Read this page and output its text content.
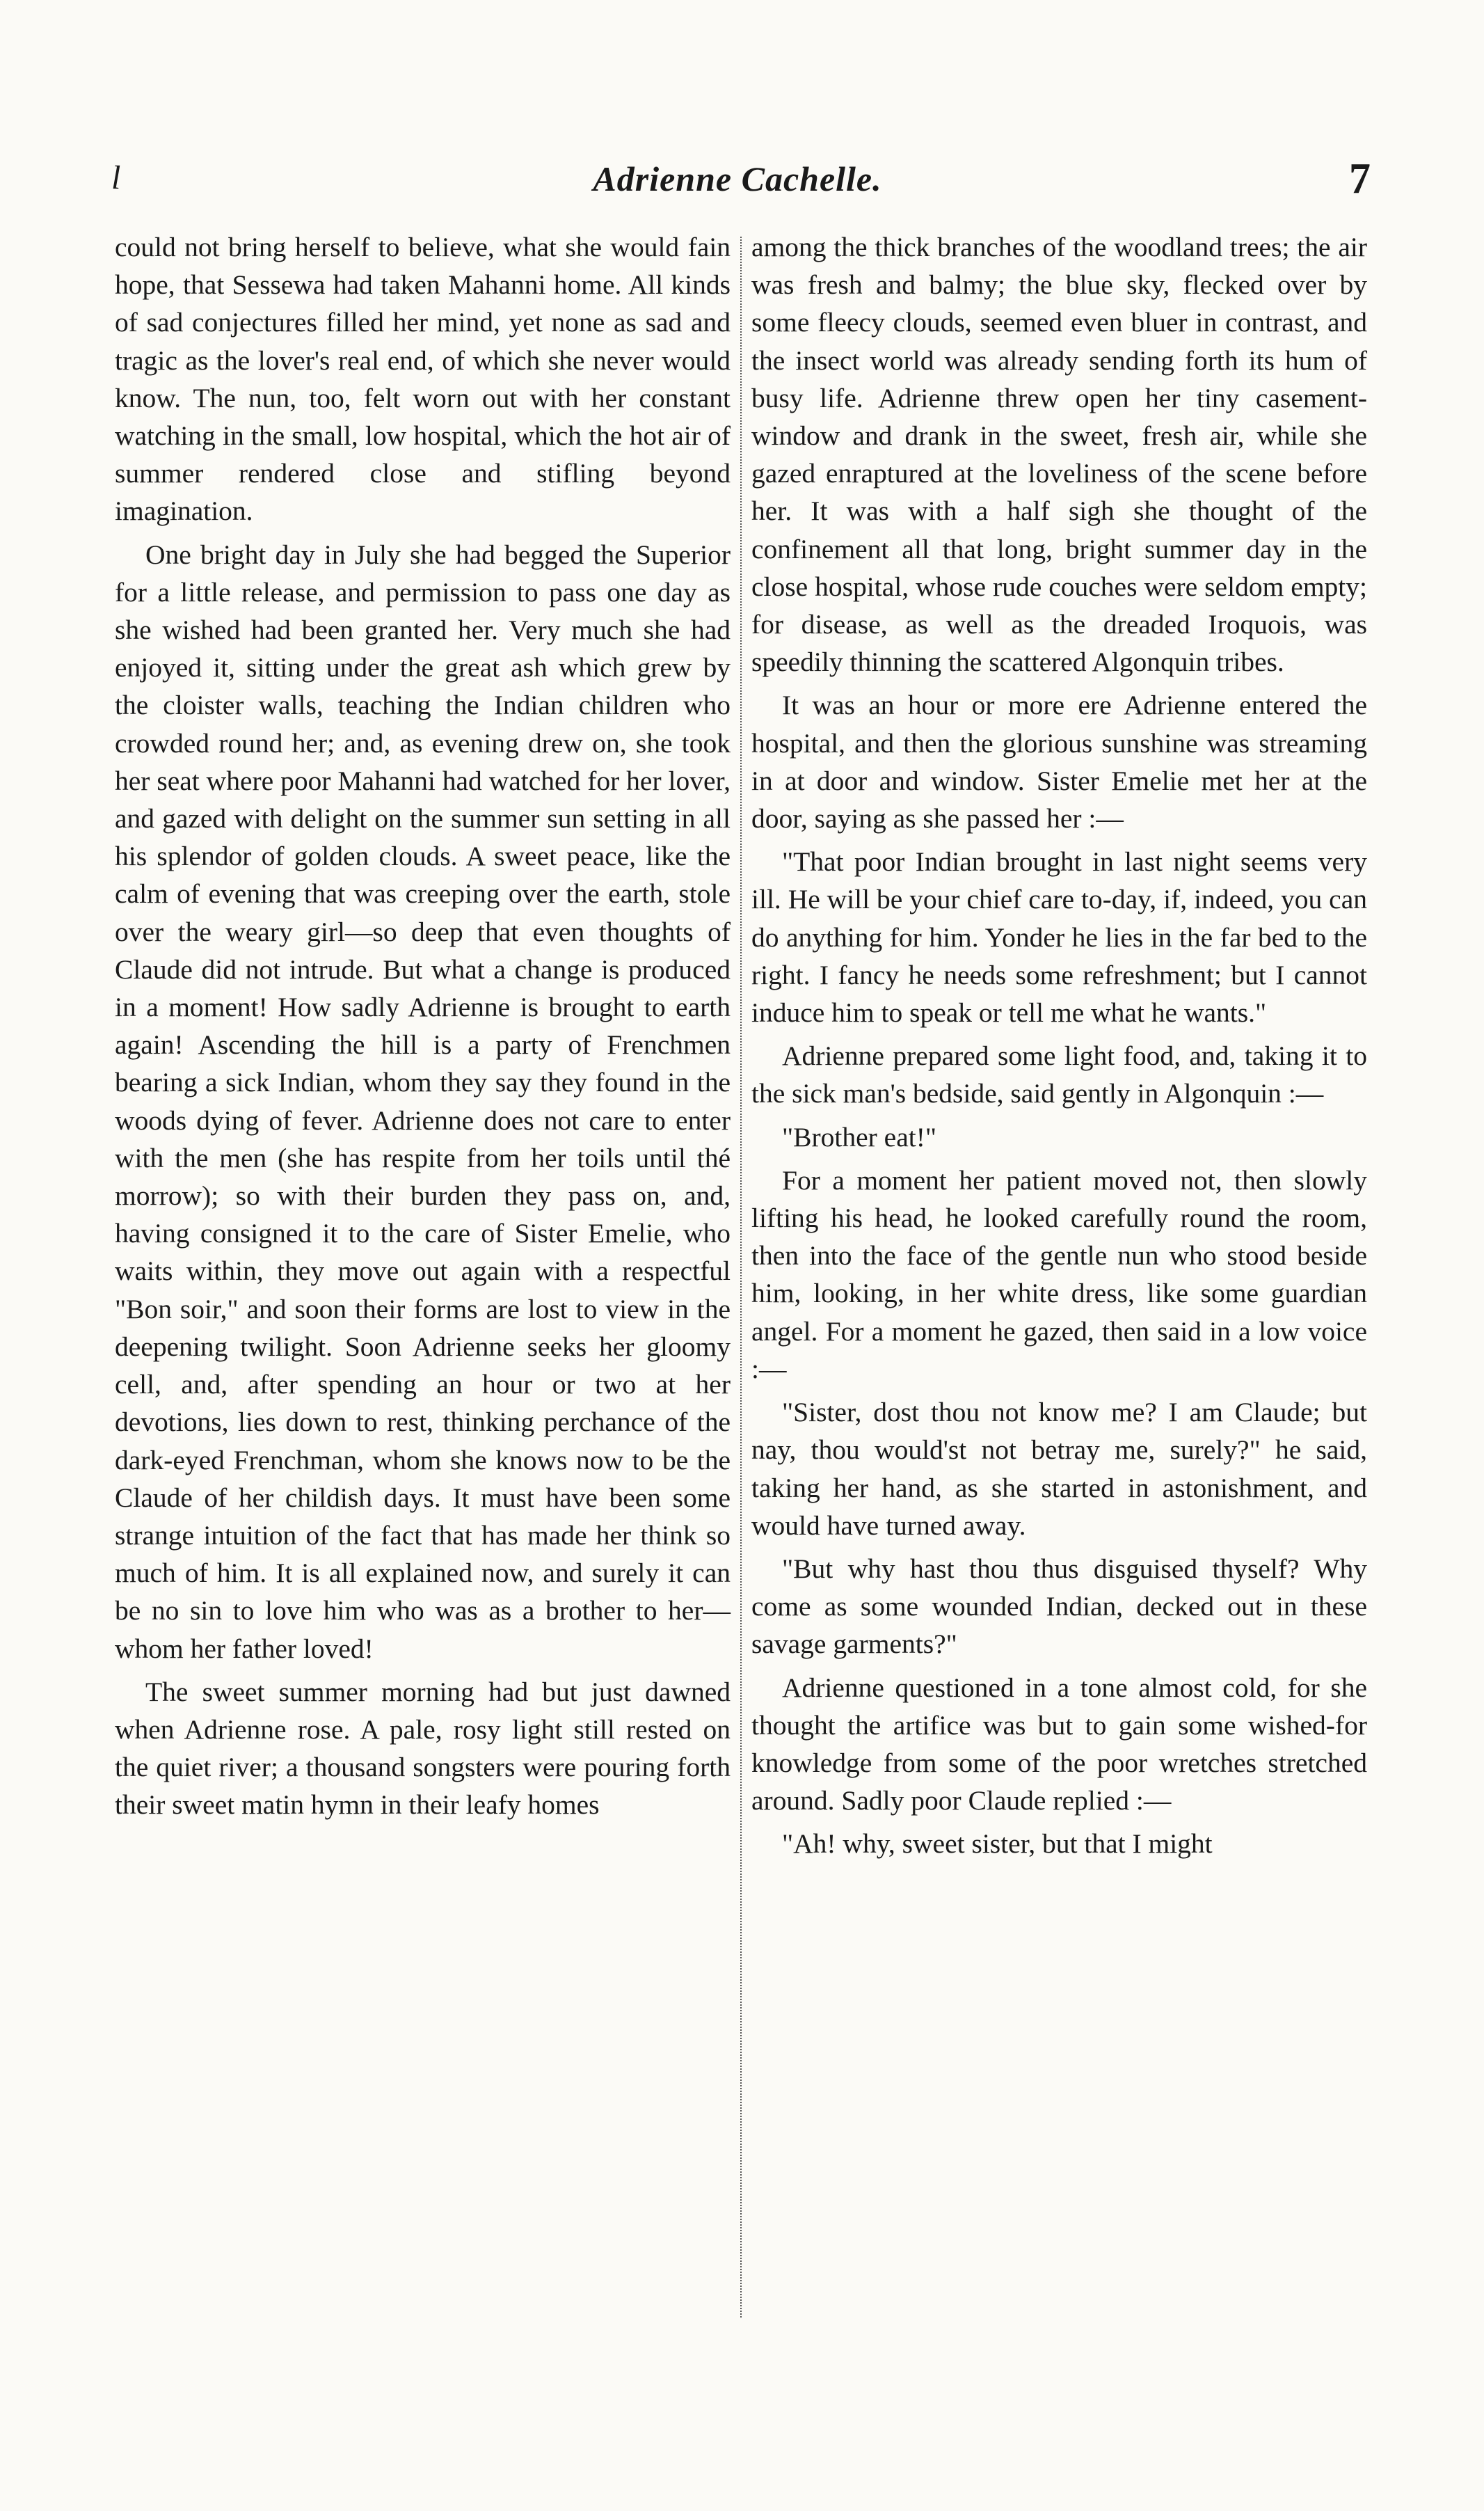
l	Adrienne Cachelle.	7

could not bring herself to believe, what she would fain hope, that Sessewa had taken Mahanni home. All kinds of sad conjectures filled her mind, yet none as sad and tragic as the lover's real end, of which she never would know. The nun, too, felt worn out with her constant watching in the small, low hospital, which the hot air of summer rendered close and stifling beyond imagination.

One bright day in July she had begged the Superior for a little release, and permission to pass one day as she wished had been granted her. Very much she had enjoyed it, sitting under the great ash which grew by the cloister walls, teaching the Indian children who crowded round her; and, as evening drew on, she took her seat where poor Mahanni had watched for her lover, and gazed with delight on the summer sun setting in all his splendor of golden clouds. A sweet peace, like the calm of evening that was creeping over the earth, stole over the weary girl—so deep that even thoughts of Claude did not intrude. But what a change is produced in a moment! How sadly Adrienne is brought to earth again! Ascending the hill is a party of Frenchmen bearing a sick Indian, whom they say they found in the woods dying of fever. Adrienne does not care to enter with the men (she has respite from her toils until thé morrow); so with their burden they pass on, and, having consigned it to the care of Sister Emelie, who waits within, they move out again with a respectful "Bon soir," and soon their forms are lost to view in the deepening twilight. Soon Adrienne seeks her gloomy cell, and, after spending an hour or two at her devotions, lies down to rest, thinking perchance of the dark-eyed Frenchman, whom she knows now to be the Claude of her childish days. It must have been some strange intuition of the fact that has made her think so much of him. It is all explained now, and surely it can be no sin to love him who was as a brother to her—whom her father loved!

The sweet summer morning had but just dawned when Adrienne rose. A pale, rosy light still rested on the quiet river; a thousand songsters were pouring forth their sweet matin hymn in their leafy homes

among the thick branches of the woodland trees; the air was fresh and balmy; the blue sky, flecked over by some fleecy clouds, seemed even bluer in contrast, and the insect world was already sending forth its hum of busy life. Adrienne threw open her tiny casement-window and drank in the sweet, fresh air, while she gazed enraptured at the loveliness of the scene before her. It was with a half sigh she thought of the confinement all that long, bright summer day in the close hospital, whose rude couches were seldom empty; for disease, as well as the dreaded Iroquois, was speedily thinning the scattered Algonquin tribes.

It was an hour or more ere Adrienne entered the hospital, and then the glorious sunshine was streaming in at door and window. Sister Emelie met her at the door, saying as she passed her :—

"That poor Indian brought in last night seems very ill. He will be your chief care to-day, if, indeed, you can do anything for him. Yonder he lies in the far bed to the right. I fancy he needs some refreshment; but I cannot induce him to speak or tell me what he wants."

Adrienne prepared some light food, and, taking it to the sick man's bedside, said gently in Algonquin :—

"Brother eat!"

For a moment her patient moved not, then slowly lifting his head, he looked carefully round the room, then into the face of the gentle nun who stood beside him, looking, in her white dress, like some guardian angel. For a moment he gazed, then said in a low voice :—

"Sister, dost thou not know me? I am Claude; but nay, thou would'st not betray me, surely?" he said, taking her hand, as she started in astonishment, and would have turned away.

"But why hast thou thus disguised thyself? Why come as some wounded Indian, decked out in these savage garments?"

Adrienne questioned in a tone almost cold, for she thought the artifice was but to gain some wished-for knowledge from some of the poor wretches stretched around. Sadly poor Claude replied :—

"Ah! why, sweet sister, but that I might
